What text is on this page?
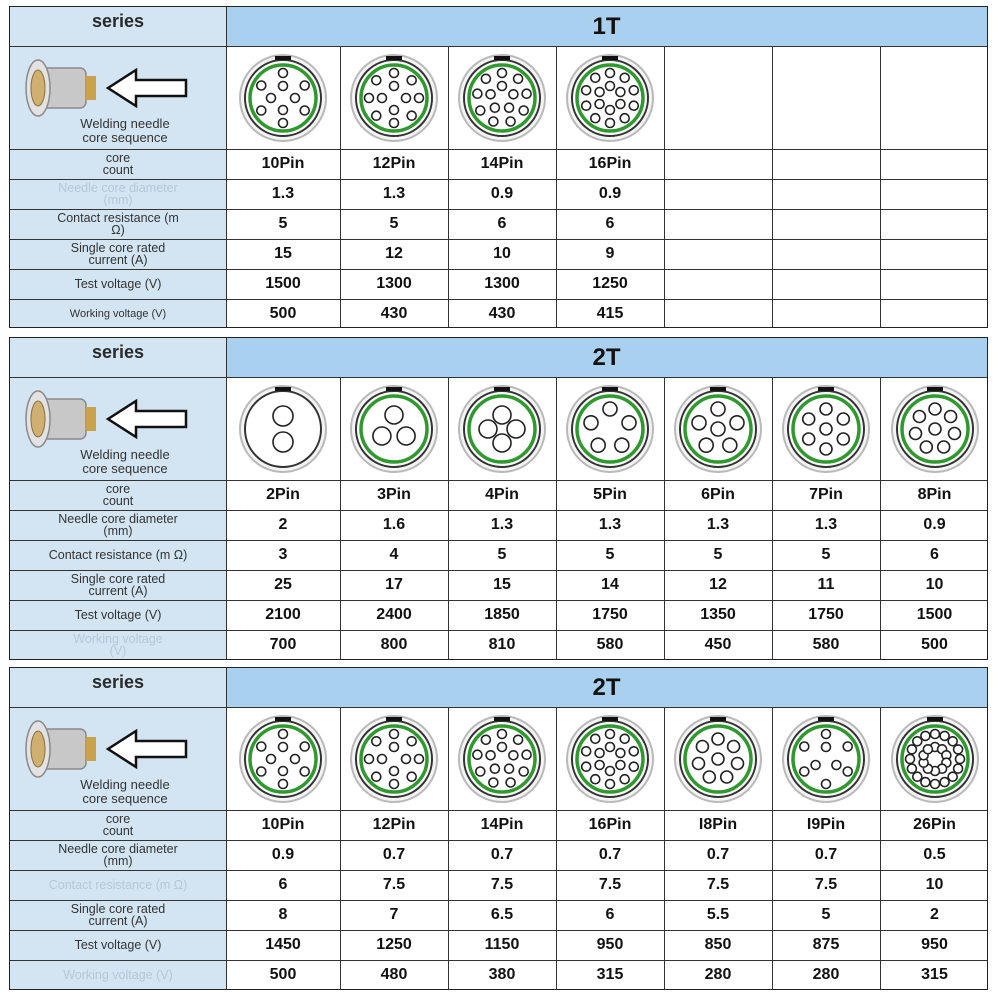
series	1T
Welding needle
core sequence
core
count	10Pin	12Pin	14Pin	16Pin
Needle core diameter
(mm)	1.3	1.3	0.9	0.9
Contact resistance (m
Ω)	5	5	6	6
Single core rated
current (A)	15	12	10	9
Test voltage (V)	1500	1300	1300	1250
Working voltage (V)	500	430	430	415
series	2T
Welding needle
core sequence
core
count	2Pin	3Pin	4Pin	5Pin	6Pin	7Pin	8Pin
Needle core diameter
(mm)	2	1.6	1.3	1.3	1.3	1.3	0.9
Contact resistance (m Ω)	3	4	5	5	5	5	6
Single core rated
current (A)	25	17	15	14	12	11	10
Test voltage (V)	2100	2400	1850	1750	1350	1750	1500
Working voltage
(V)	700	800	810	580	450	580	500
series	2T
Welding needle
core sequence
core
count	10Pin	12Pin	14Pin	16Pin	I8Pin	I9Pin	26Pin
Needle core diameter
(mm)	0.9	0.7	0.7	0.7	0.7	0.7	0.5
Contact resistance (m Ω)	6	7.5	7.5	7.5	7.5	7.5	10
Single core rated
current (A)	8	7	6.5	6	5.5	5	2
Test voltage (V)	1450	1250	1150	950	850	875	950
Working voltage (V)	500	480	380	315	280	280	315
